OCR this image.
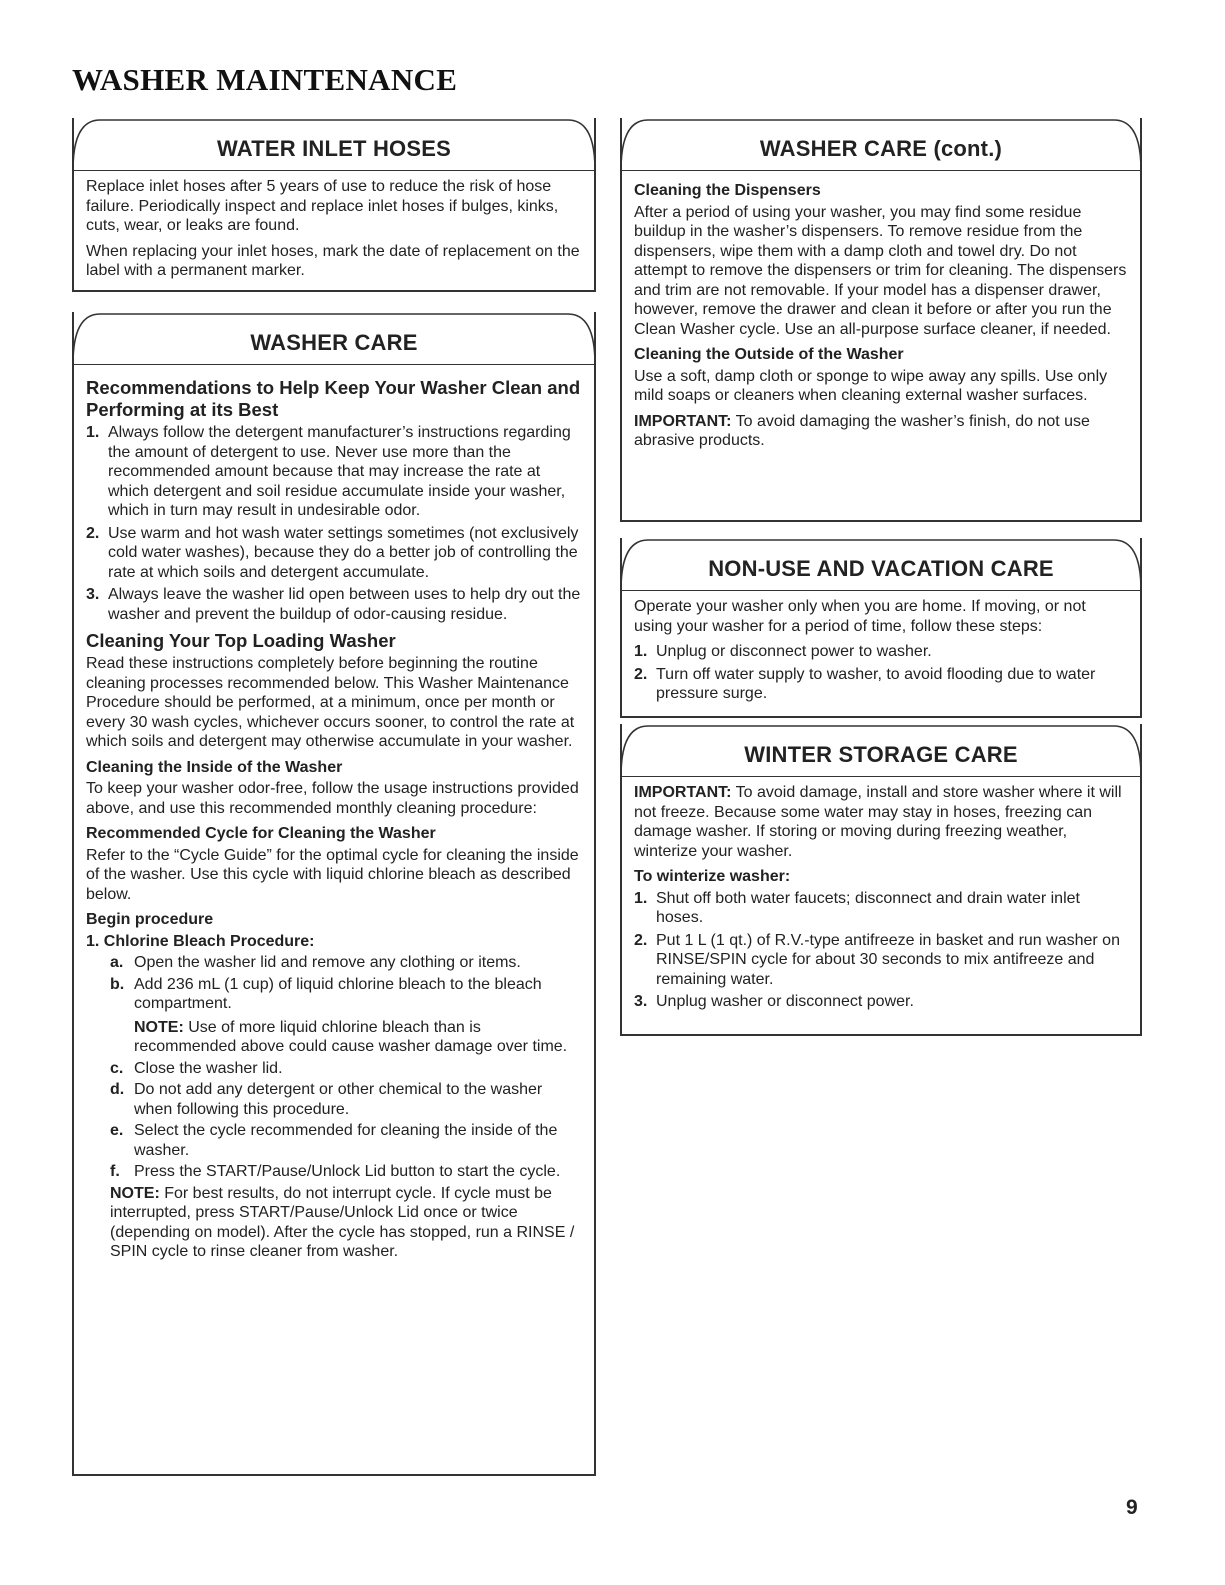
WASHER MAINTENANCE
WATER INLET HOSES

Replace inlet hoses after 5 years of use to reduce the risk of hose failure. Periodically inspect and replace inlet hoses if bulges, kinks, cuts, wear, or leaks are found.

When replacing your inlet hoses, mark the date of replacement on the label with a permanent marker.

WASHER CARE
Recommendations to Help Keep Your Washer Clean and Performing at its Best
1. Always follow the detergent manufacturer’s instructions regarding the amount of detergent to use. Never use more than the recommended amount because that may increase the rate at which detergent and soil residue accumulate inside your washer, which in turn may result in undesirable odor.
2. Use warm and hot wash water settings sometimes (not exclusively cold water washes), because they do a better job of controlling the rate at which soils and detergent accumulate.
3. Always leave the washer lid open between uses to help dry out the washer and prevent the buildup of odor-causing residue.
Cleaning Your Top Loading Washer

Read these instructions completely before beginning the routine cleaning processes recommended below. This Washer Maintenance Procedure should be performed, at a minimum, once per month or every 30 wash cycles, whichever occurs sooner, to control the rate at which soils and detergent may otherwise accumulate in your washer.

Cleaning the Inside of the Washer

To keep your washer odor-free, follow the usage instructions provided above, and use this recommended monthly cleaning procedure:

Recommended Cycle for Cleaning the Washer

Refer to the “Cycle Guide” for the optimal cycle for cleaning the inside of the washer. Use this cycle with liquid chlorine bleach as described below.

Begin procedure
1. Chlorine Bleach Procedure:
a. Open the washer lid and remove any clothing or items.
b. Add 236 mL (1 cup) of liquid chlorine bleach to the bleach compartment.
NOTE: Use of more liquid chlorine bleach than is recommended above could cause washer damage over time.
c. Close the washer lid.
d. Do not add any detergent or other chemical to the washer when following this procedure.
e. Select the cycle recommended for cleaning the inside of the washer.
f. Press the START/Pause/Unlock Lid button to start the cycle.

NOTE: For best results, do not interrupt cycle. If cycle must be interrupted, press START/Pause/Unlock Lid once or twice (depending on model). After the cycle has stopped, run a RINSE / SPIN cycle to rinse cleaner from washer.

WASHER CARE (cont.)
Cleaning the Dispensers

After a period of using your washer, you may find some residue buildup in the washer’s dispensers. To remove residue from the dispensers, wipe them with a damp cloth and towel dry. Do not attempt to remove the dispensers or trim for cleaning. The dispensers and trim are not removable. If your model has a dispenser drawer, however, remove the drawer and clean it before or after you run the Clean Washer cycle. Use an all-purpose surface cleaner, if needed.

Cleaning the Outside of the Washer

Use a soft, damp cloth or sponge to wipe away any spills. Use only mild soaps or cleaners when cleaning external washer surfaces.

IMPORTANT: To avoid damaging the washer’s finish, do not use abrasive products.

NON-USE AND VACATION CARE

Operate your washer only when you are home. If moving, or not using your washer for a period of time, follow these steps:

1. Unplug or disconnect power to washer.
2. Turn off water supply to washer, to avoid flooding due to water pressure surge.
WINTER STORAGE CARE

IMPORTANT: To avoid damage, install and store washer where it will not freeze. Because some water may stay in hoses, freezing can damage washer. If storing or moving during freezing weather, winterize your washer.

To winterize washer:
1. Shut off both water faucets; disconnect and drain water inlet hoses.
2. Put 1 L (1 qt.) of R.V.-type antifreeze in basket and run washer on RINSE/SPIN cycle for about 30 seconds to mix antifreeze and remaining water.
3. Unplug washer or disconnect power.
9
